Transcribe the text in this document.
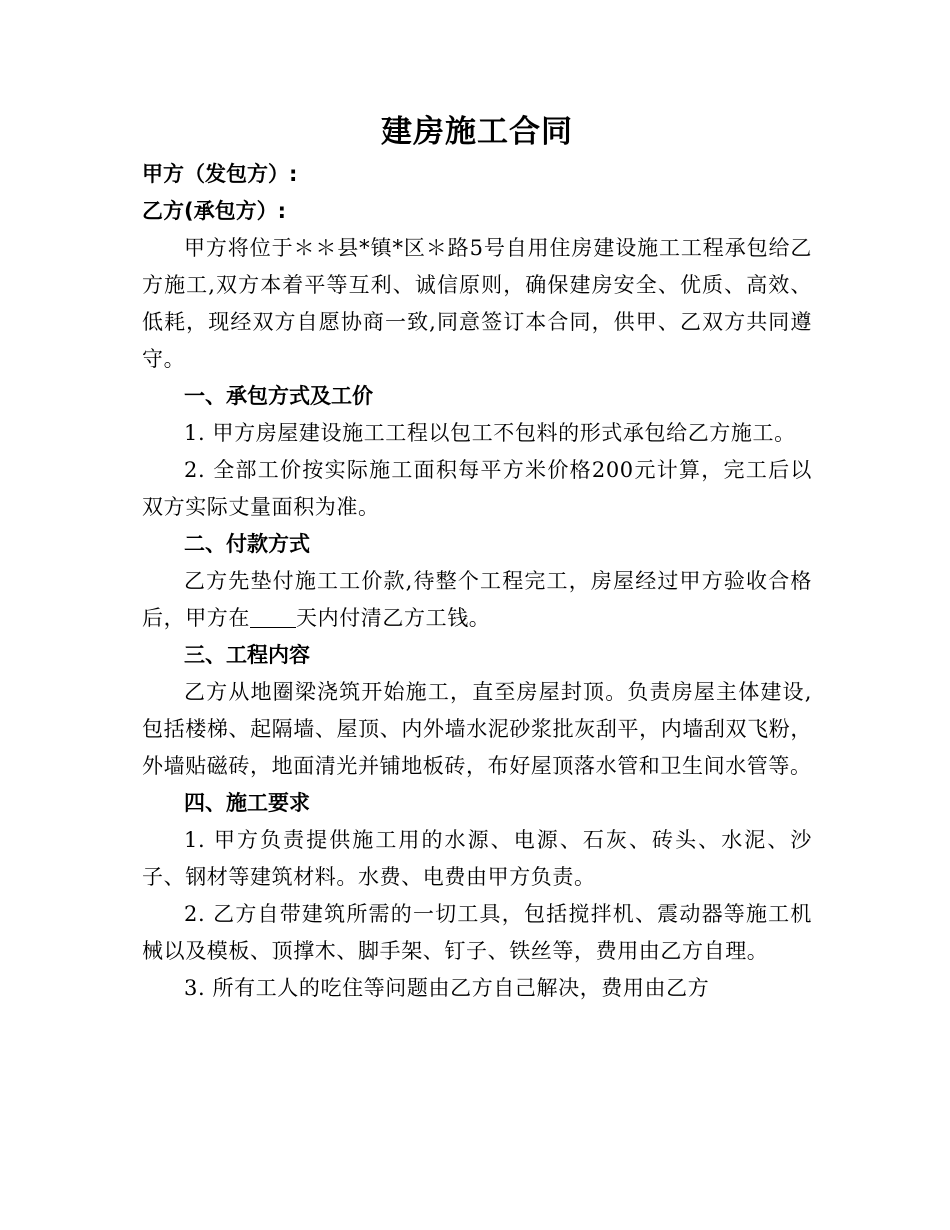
建房施工合同

甲方（发包方）:

乙方(承包方）:

甲方将位于＊＊县*镇*区＊路5号自用住房建设施工工程承包给乙方施工,双方本着平等互利、诚信原则，确保建房安全、优质、高效、低耗，现经双方自愿协商一致,同意签订本合同，供甲、乙双方共同遵守。

一、承包方式及工价

1. 甲方房屋建设施工工程以包工不包料的形式承包给乙方施工。

2. 全部工价按实际施工面积每平方米价格200元计算，完工后以双方实际丈量面积为准。

二、付款方式

乙方先垫付施工工价款,待整个工程完工，房屋经过甲方验收合格后，甲方在 天内付清乙方工钱。

三、工程内容

乙方从地圈梁浇筑开始施工，直至房屋封顶。负责房屋主体建设,包括楼梯、起隔墙、屋顶、内外墙水泥砂浆批灰刮平，内墙刮双飞粉，外墙贴磁砖，地面清光并铺地板砖，布好屋顶落水管和卫生间水管等。

四、施工要求

1. 甲方负责提供施工用的水源、电源、石灰、砖头、水泥、沙子、钢材等建筑材料。水费、电费由甲方负责。

2. 乙方自带建筑所需的一切工具，包括搅拌机、震动器等施工机械以及模板、顶撑木、脚手架、钉子、铁丝等，费用由乙方自理。

3. 所有工人的吃住等问题由乙方自己解决，费用由乙方
